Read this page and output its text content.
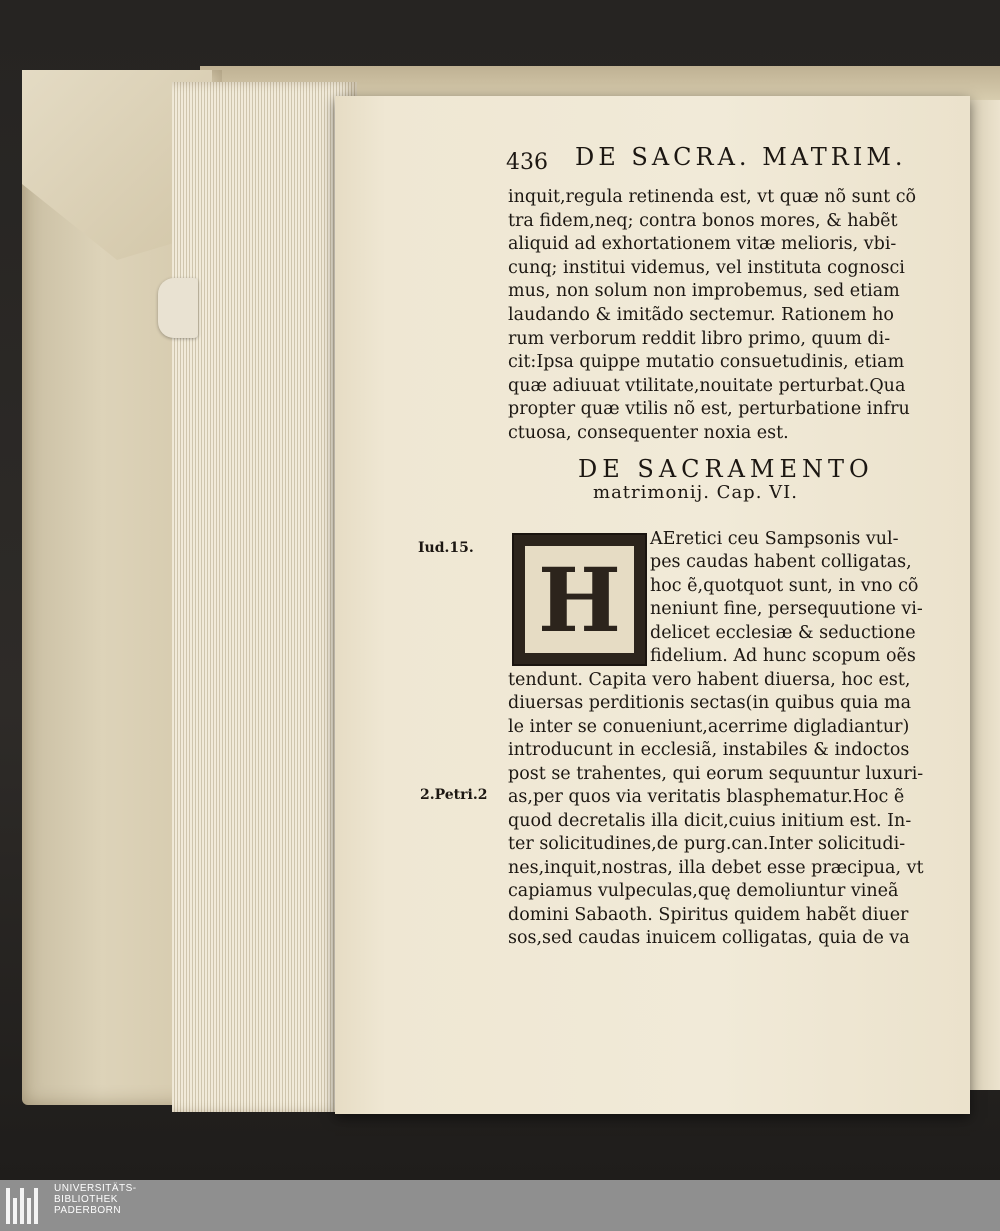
436 DE SACRA. MATRIM.
inquit,regula retinenda est, vt quæ nõ sunt cõ
tra fidem,neq; contra bonos mores, & habẽt
aliquid ad exhortationem vitæ melioris, vbi-
cunq; institui videmus, vel instituta cognosci
mus, non solum non improbemus, sed etiam
laudando & imitãdo sectemur. Rationem ho
rum verborum reddit libro primo, quum di-
cit:Ipsa quippe mutatio consuetudinis, etiam
quæ adiuuat vtilitate,nouitate perturbat.Qua
propter quæ vtilis nõ est, perturbatione infru
ctuosa, consequenter noxia est.
DE SACRAMENTO
matrimonij. Cap. VI.
H
Iud.15.
2.Petri.2
AEretici ceu Sampsonis vul-
pes caudas habent colligatas,
hoc ẽ,quotquot sunt, in vno cõ
neniunt fine, persequutione vi-
delicet ecclesiæ & seductione
fidelium. Ad hunc scopum oẽs
tendunt. Capita vero habent diuersa, hoc est,
diuersas perditionis sectas(in quibus quia ma
le inter se conueniunt,acerrime digladiantur)
introducunt in ecclesiã, instabiles & indoctos
post se trahentes, qui eorum sequuntur luxuri-
as,per quos via veritatis blasphematur.Hoc ẽ
quod decretalis illa dicit,cuius initium est. In-
ter solicitudines,de purg.can.Inter solicitudi-
nes,inquit,nostras, illa debet esse præcipua, vt
capiamus vulpeculas,quę demoliuntur vineã
domini Sabaoth. Spiritus quidem habẽt diuer
sos,sed caudas inuicem colligatas, quia de va
UNIVERSITÄTS-
BIBLIOTHEK
PADERBORN
